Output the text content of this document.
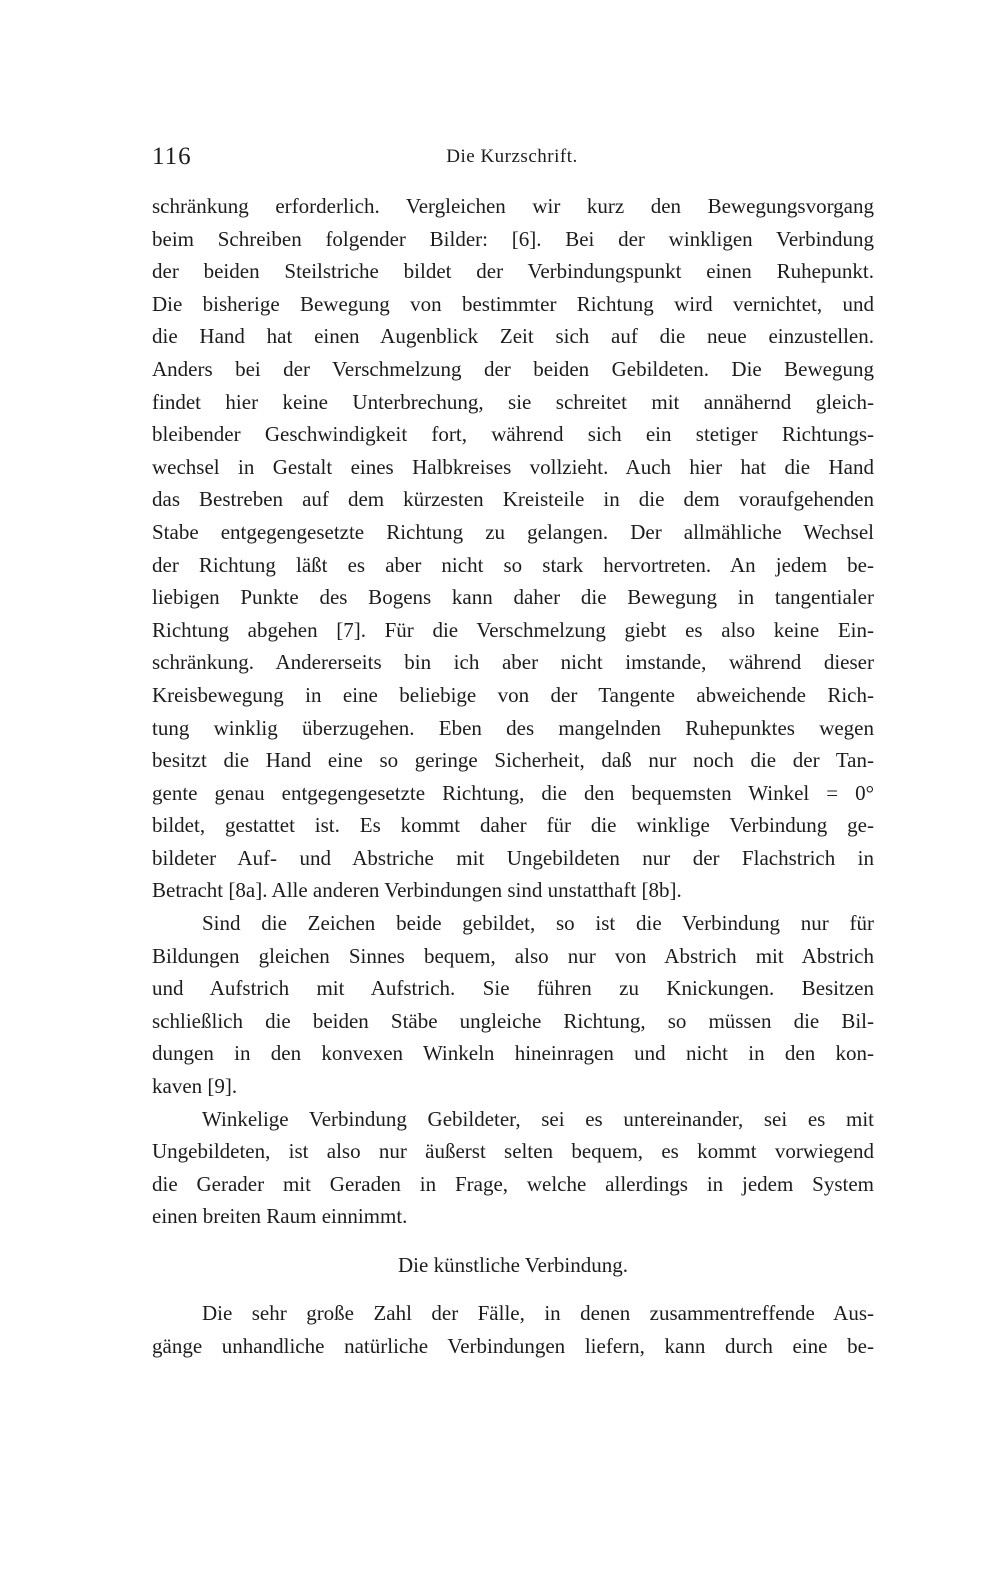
116	Die Kurzschrift.
schränkung erforderlich. Vergleichen wir kurz den Bewegungsvorgang
beim Schreiben folgender Bilder: [6]. Bei der winkligen Verbindung
der beiden Steilstriche bildet der Verbindungspunkt einen Ruhepunkt.
Die bisherige Bewegung von bestimmter Richtung wird vernichtet, und
die Hand hat einen Augenblick Zeit sich auf die neue einzustellen.
Anders bei der Verschmelzung der beiden Gebildeten. Die Bewegung
findet hier keine Unterbrechung, sie schreitet mit annähernd gleich-
bleibender Geschwindigkeit fort, während sich ein stetiger Richtungs-
wechsel in Gestalt eines Halbkreises vollzieht. Auch hier hat die Hand
das Bestreben auf dem kürzesten Kreisteile in die dem voraufgehenden
Stabe entgegengesetzte Richtung zu gelangen. Der allmähliche Wechsel
der Richtung läßt es aber nicht so stark hervortreten. An jedem be-
liebigen Punkte des Bogens kann daher die Bewegung in tangentialer
Richtung abgehen [7]. Für die Verschmelzung giebt es also keine Ein-
schränkung. Andererseits bin ich aber nicht imstande, während dieser
Kreisbewegung in eine beliebige von der Tangente abweichende Rich-
tung winklig überzugehen. Eben des mangelnden Ruhepunktes wegen
besitzt die Hand eine so geringe Sicherheit, daß nur noch die der Tan-
gente genau entgegengesetzte Richtung, die den bequemsten Winkel = 0°
bildet, gestattet ist. Es kommt daher für die winklige Verbindung ge-
bildeter Auf- und Abstriche mit Ungebildeten nur der Flachstrich in
Betracht [8a]. Alle anderen Verbindungen sind unstatthaft [8b].
Sind die Zeichen beide gebildet, so ist die Verbindung nur für
Bildungen gleichen Sinnes bequem, also nur von Abstrich mit Abstrich
und Aufstrich mit Aufstrich. Sie führen zu Knickungen. Besitzen
schließlich die beiden Stäbe ungleiche Richtung, so müssen die Bil-
dungen in den konvexen Winkeln hineinragen und nicht in den kon-
kaven [9].
Winkelige Verbindung Gebildeter, sei es untereinander, sei es mit
Ungebildeten, ist also nur äußerst selten bequem, es kommt vorwiegend
die Gerader mit Geraden in Frage, welche allerdings in jedem System
einen breiten Raum einnimmt.
Die künstliche Verbindung.
Die sehr große Zahl der Fälle, in denen zusammentreffende Aus-
gänge unhandliche natürliche Verbindungen liefern, kann durch eine be-
